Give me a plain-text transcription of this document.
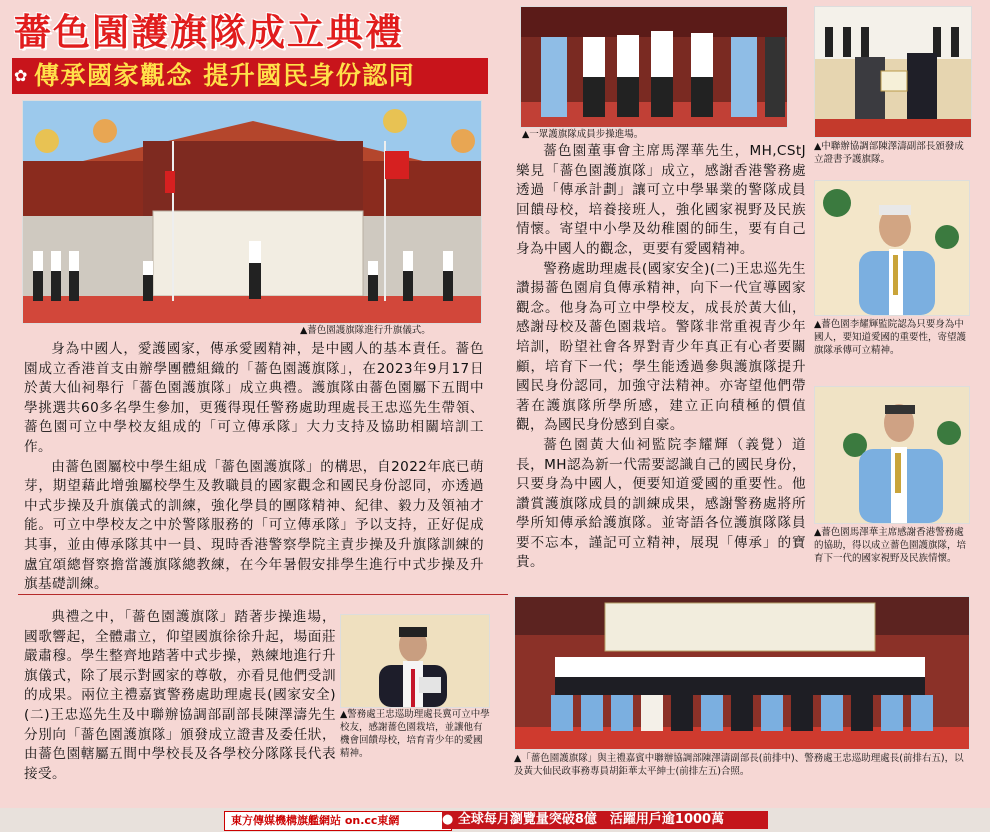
薔色園護旗隊成立典禮
✿ 傳承國家觀念 提升國民身份認同
▲薔色園護旗隊進行升旗儀式。

身為中國人，愛護國家，傳承愛國精神，是中國人的基本責任。薔色園成立香港首支由辦學團體組織的「薔色園護旗隊」，在2023年9月17日於黃大仙祠舉行「薔色園護旗隊」成立典禮。護旗隊由薔色園屬下五間中學挑選共60多名學生參加，更獲得現任警務處助理處長王忠巡先生帶領、薔色園可立中學校友組成的「可立傳承隊」大力支持及協助相關培訓工作。

由薔色園屬校中學生組成「薔色園護旗隊」的構思，自2022年底已萌芽，期望藉此增強屬校學生及教職員的國家觀念和國民身份認同，亦透過中式步操及升旗儀式的訓練，強化學員的團隊精神、紀律、毅力及領袖才能。可立中學校友之中於警隊服務的「可立傳承隊」予以支持，正好促成其事，並由傳承隊其中一員、現時香港警察學院主責步操及升旗隊訓練的盧宜頌總督察擔當護旗隊總教練，在今年暑假安排學生進行中式步操及升旗基礎訓練。

典禮之中，「薔色園護旗隊」踏著步操進場，國歌響起，全體肅立，仰望國旗徐徐升起，場面莊嚴肅穆。學生整齊地踏著中式步操，熟練地進行升旗儀式，除了展示對國家的尊敬，亦看見他們受訓的成果。兩位主禮嘉賓警務處助理處長(國家安全)(二)王忠巡先生及中聯辦協調部副部長陳澤濤先生分別向「薔色園護旗隊」頒發成立證書及委任狀，由薔色園轄屬五間中學校長及各學校分隊隊長代表接受。

▲警務處王忠巡助理處長冀可立中學校友，感謝薔色園栽培，並讓他有機會回饋母校，培育青少年的愛國精神。
▲一眾護旗隊成員步操進場。
▲中聯辦協調部陳澤濤副部長頒發成立證書予護旗隊。

薔色園董事會主席馬澤華先生，MH,CStJ樂見「薔色園護旗隊」成立，感謝香港警務處透過「傳承計劃」讓可立中學畢業的警隊成員回饋母校，培養接班人，強化國家視野及民族情懷。寄望中小學及幼稚園的師生，要有自己身為中國人的觀念，更要有愛國精神。

警務處助理處長(國家安全)(二)王忠巡先生讚揚薔色園肩負傳承精神，向下一代宣導國家觀念。他身為可立中學校友，成長於黃大仙，感謝母校及薔色園栽培。警隊非常重視青少年培訓，盼望社會各界對青少年真正有心者要關顧，培育下一代；學生能透過參與護旗隊提升國民身份認同，加強守法精神。亦寄望他們帶著在護旗隊所學所感，建立正向積極的價值觀，為國民身份感到自豪。

薔色園黃大仙祠監院李耀輝（義覺）道長，MH認為新一代需要認識自己的國民身份，只要身為中國人，便要知道愛國的重要性。他讚賞護旗隊成員的訓練成果，感謝警務處將所學所知傳承給護旗隊。並寄語各位護旗隊隊員要不忘本，謹記可立精神，展現「傳承」的寶貴。

▲薔色園李耀輝監院認為只要身為中國人，要知道愛國的重要性，寄望護旗隊承傳可立精神。
▲薔色園馬澤華主席感謝香港警務處的協助，得以成立薔色園護旗隊，培育下一代的國家視野及民族情懷。
▲「薔色園護旗隊」與主禮嘉賓中聯辦協調部陳澤濤副部長(前排中)、警務處王忠巡助理處長(前排右五)，以及黃大仙民政事務專員胡鉅華太平紳士(前排左五)合照。
東方傳媒機構旗艦網站 on.cc東網	● 全球每月瀏覽量突破8億　活躍用戶逾1000萬
